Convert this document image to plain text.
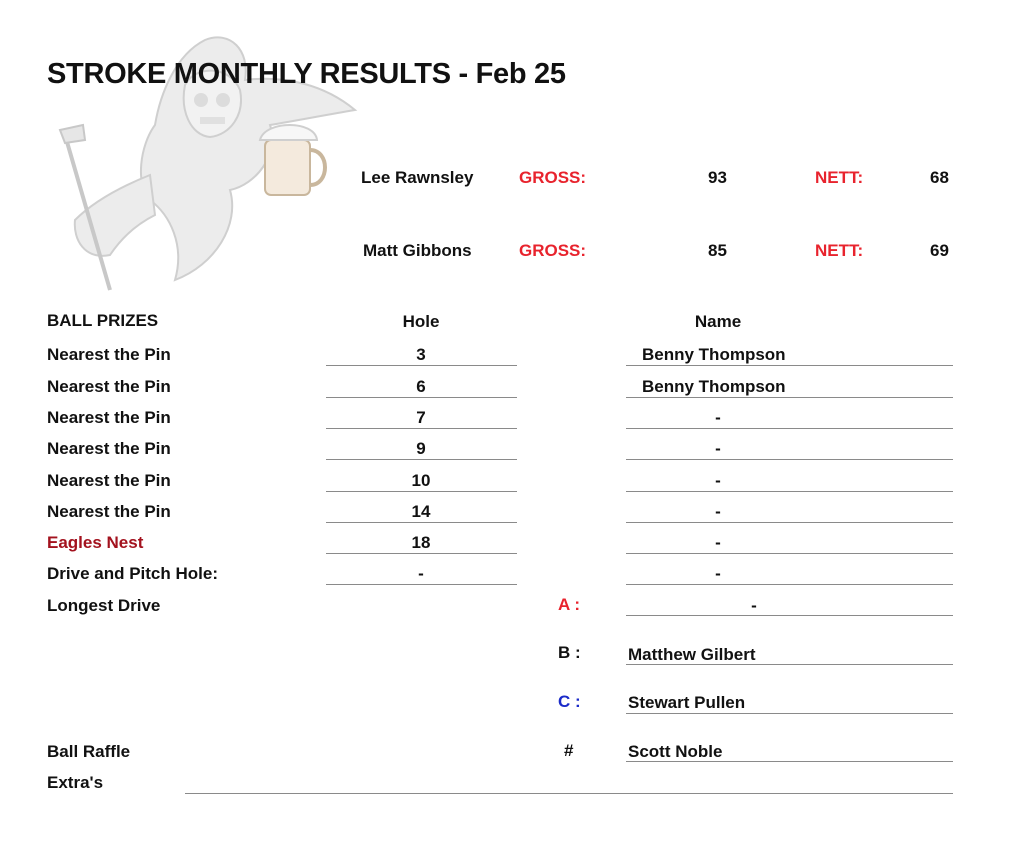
STROKE MONTHLY RESULTS - Feb 25
Lee Rawnsley	GROSS:	93	NETT:	68
Matt Gibbons	GROSS:	85	NETT:	69
BALL PRIZES	Hole	Name
Nearest the Pin	3	Benny Thompson
Nearest the Pin	6	Benny Thompson
Nearest the Pin	7	-
Nearest the Pin	9	-
Nearest the Pin	10	-
Nearest the Pin	14	-
Eagles Nest	18	-
Drive and Pitch Hole:	-	-
Longest Drive	A :	-
B :	Matthew Gilbert
C :	Stewart Pullen
Ball Raffle	#	Scott Noble
Extra's
